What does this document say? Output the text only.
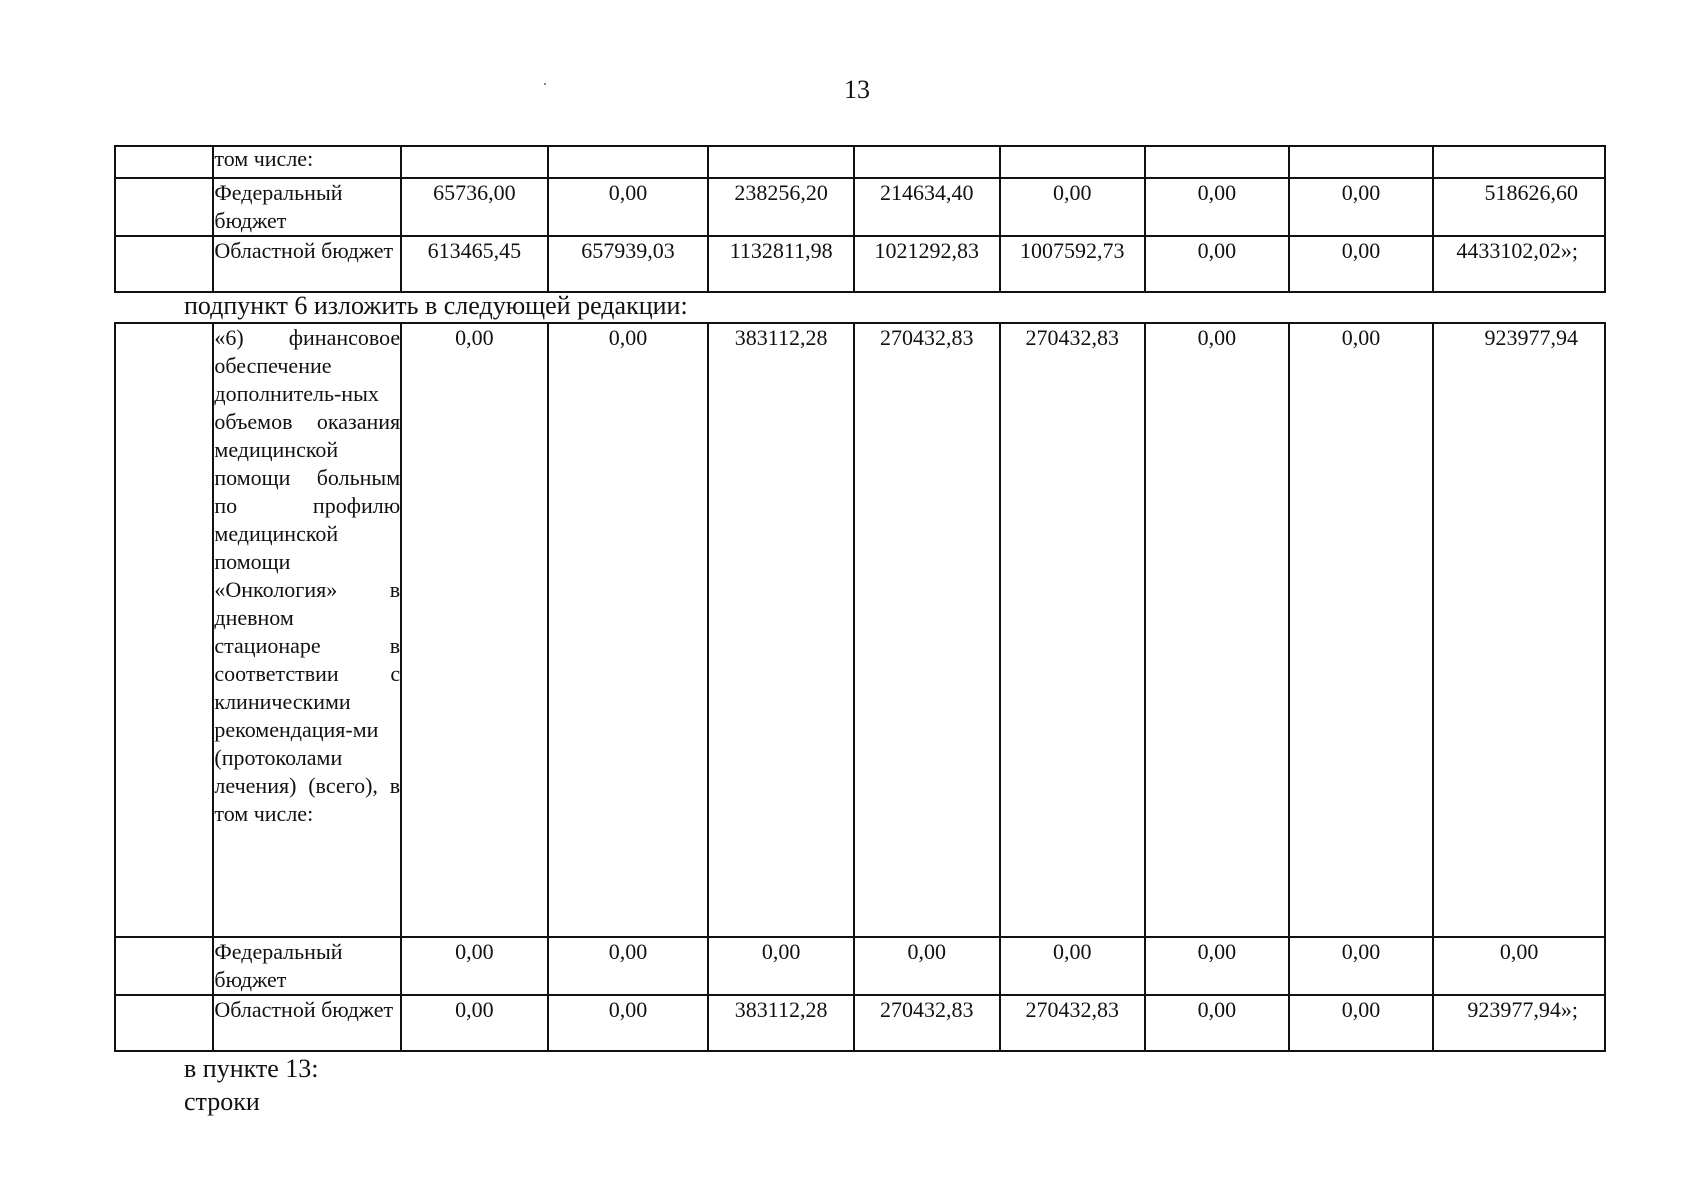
13
	том числе:								
	Федеральный бюджет	65736,00	0,00	238256,20	214634,40	0,00	0,00	0,00	518626,60
	Областной бюджет	613465,45	657939,03	1132811,98	1021292,83	1007592,73	0,00	0,00	4433102,02»;
подпункт 6 изложить в следующей редакции:
	«6) финансовое обеспечение дополнитель-ных объемов оказания медицинской помощи больным по профилю медицинской помощи «Онкология» в дневном стационаре в соответствии с клиническими рекомендация-ми (протоколами лечения) (всего), в том числе:	0,00	0,00	383112,28	270432,83	270432,83	0,00	0,00	923977,94
	Федеральный бюджет	0,00	0,00	0,00	0,00	0,00	0,00	0,00	0,00
	Областной бюджет	0,00	0,00	383112,28	270432,83	270432,83	0,00	0,00	923977,94»;
в пункте 13:
строки
